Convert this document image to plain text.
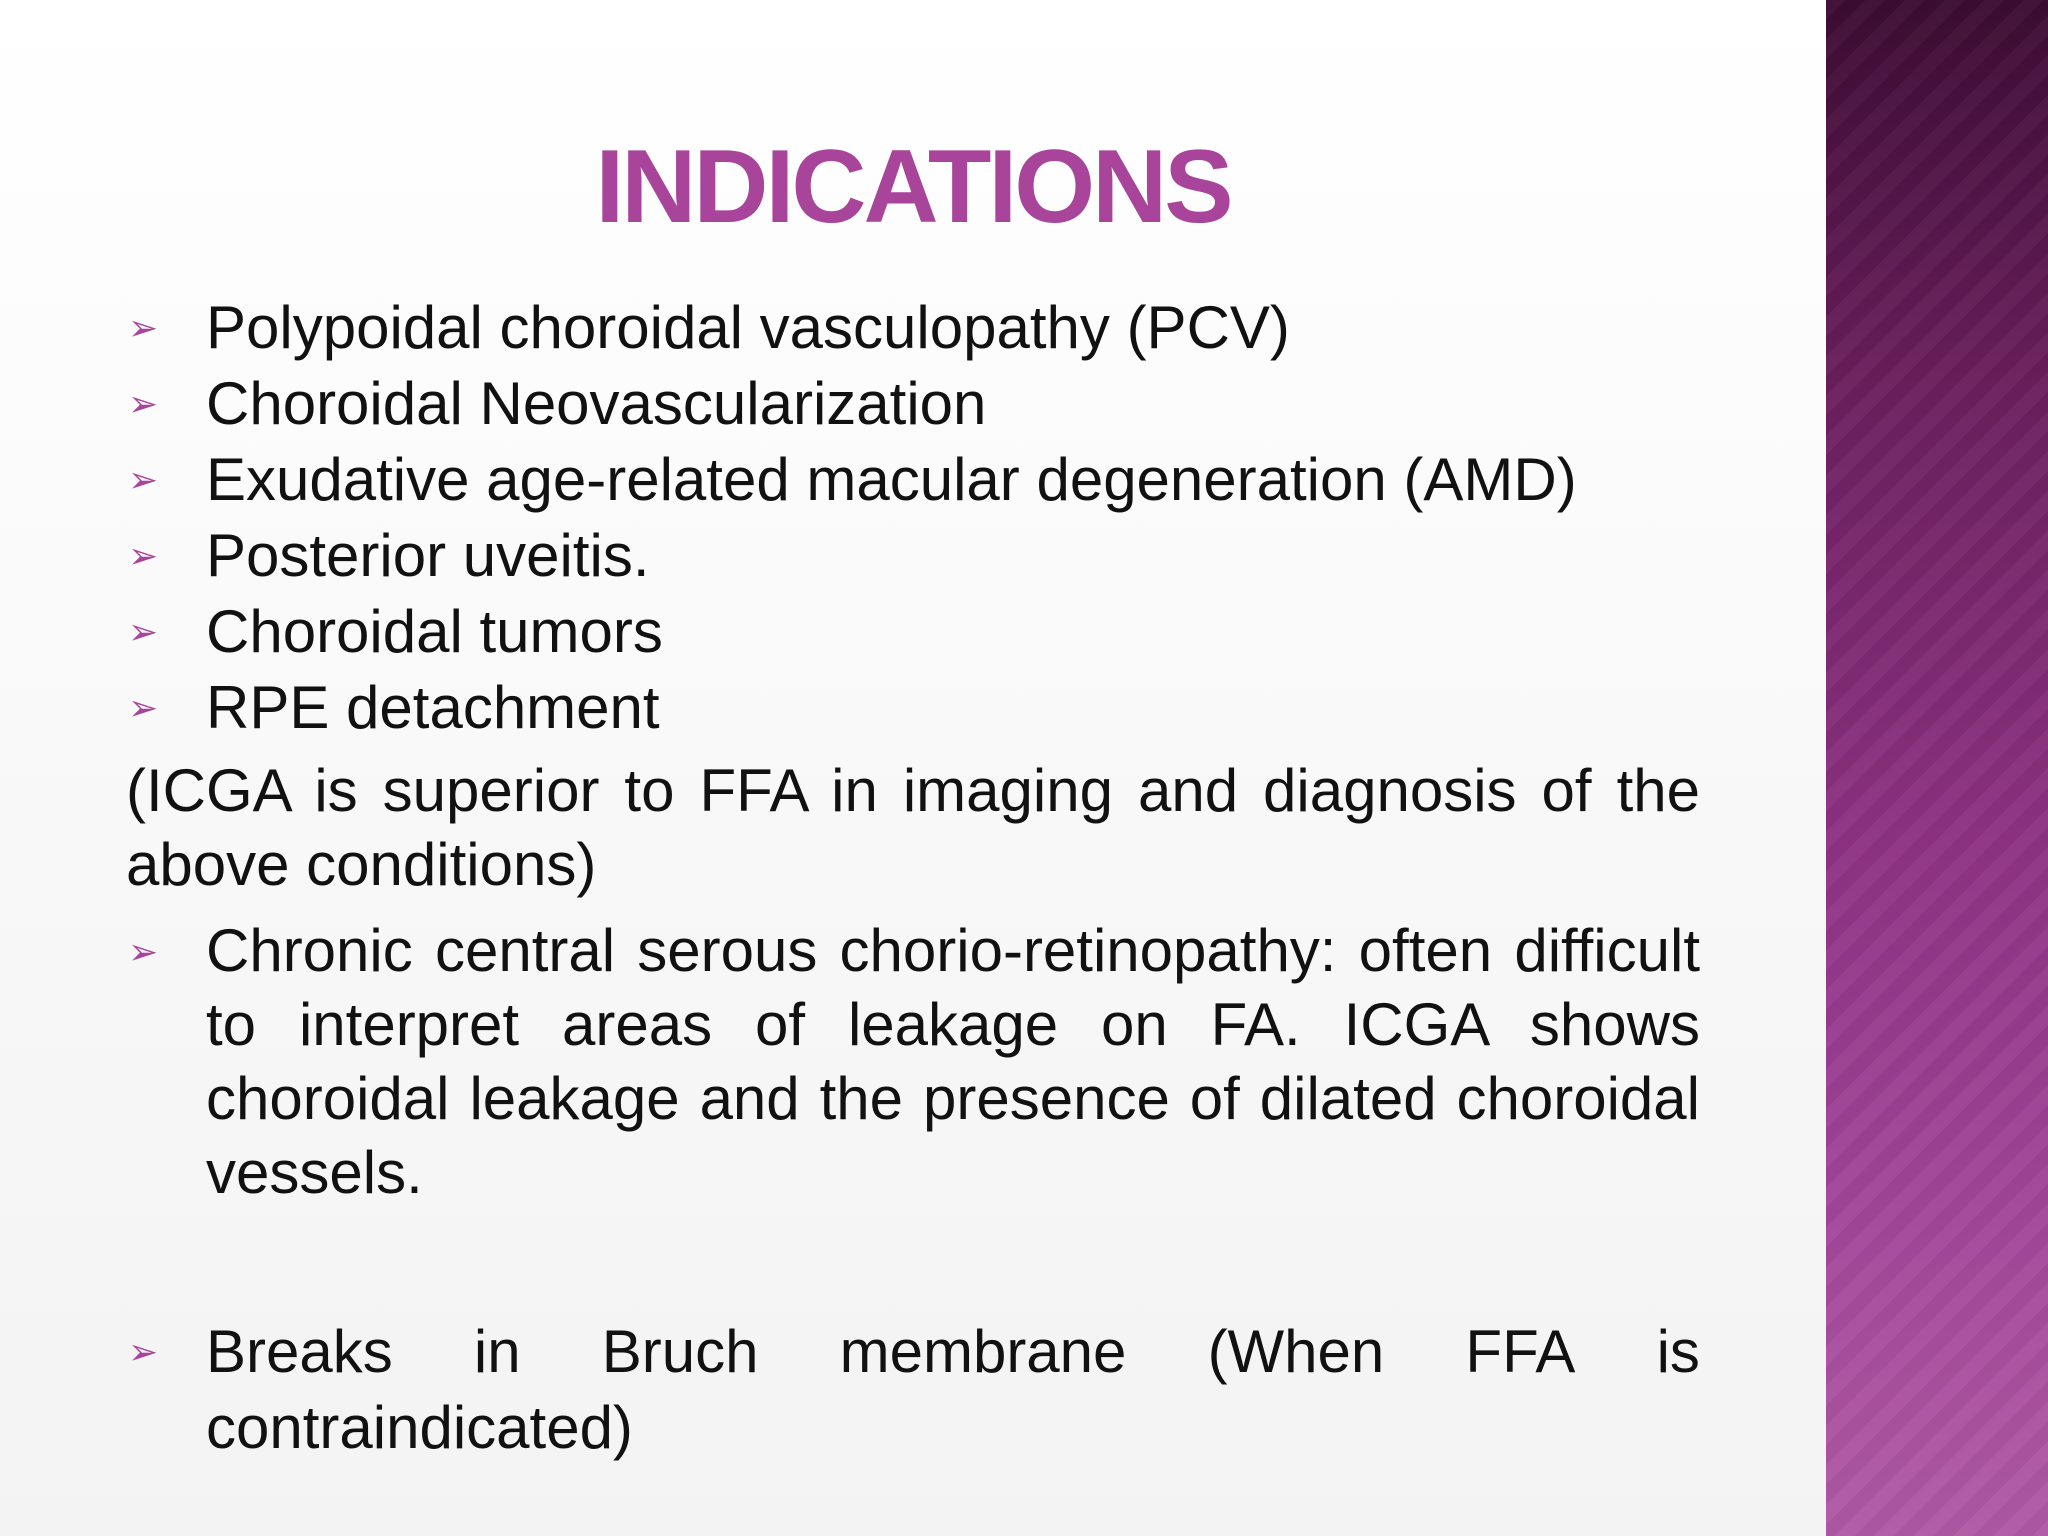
INDICATIONS
➢ Polypoidal choroidal vasculopathy (PCV)
➢ Choroidal Neovascularization
➢ Exudative age-related macular degeneration (AMD)
➢ Posterior uveitis.
➢ Choroidal tumors
➢ RPE detachment
(ICGA is superior to FFA in imaging and diagnosis of the above conditions)
➢ Chronic central serous chorio-retinopathy: often difficult to interpret areas of leakage on FA. ICGA shows choroidal leakage and the presence of dilated choroidal vessels.
➢ Breaks in Bruch membrane (When FFA is
contraindicated)
